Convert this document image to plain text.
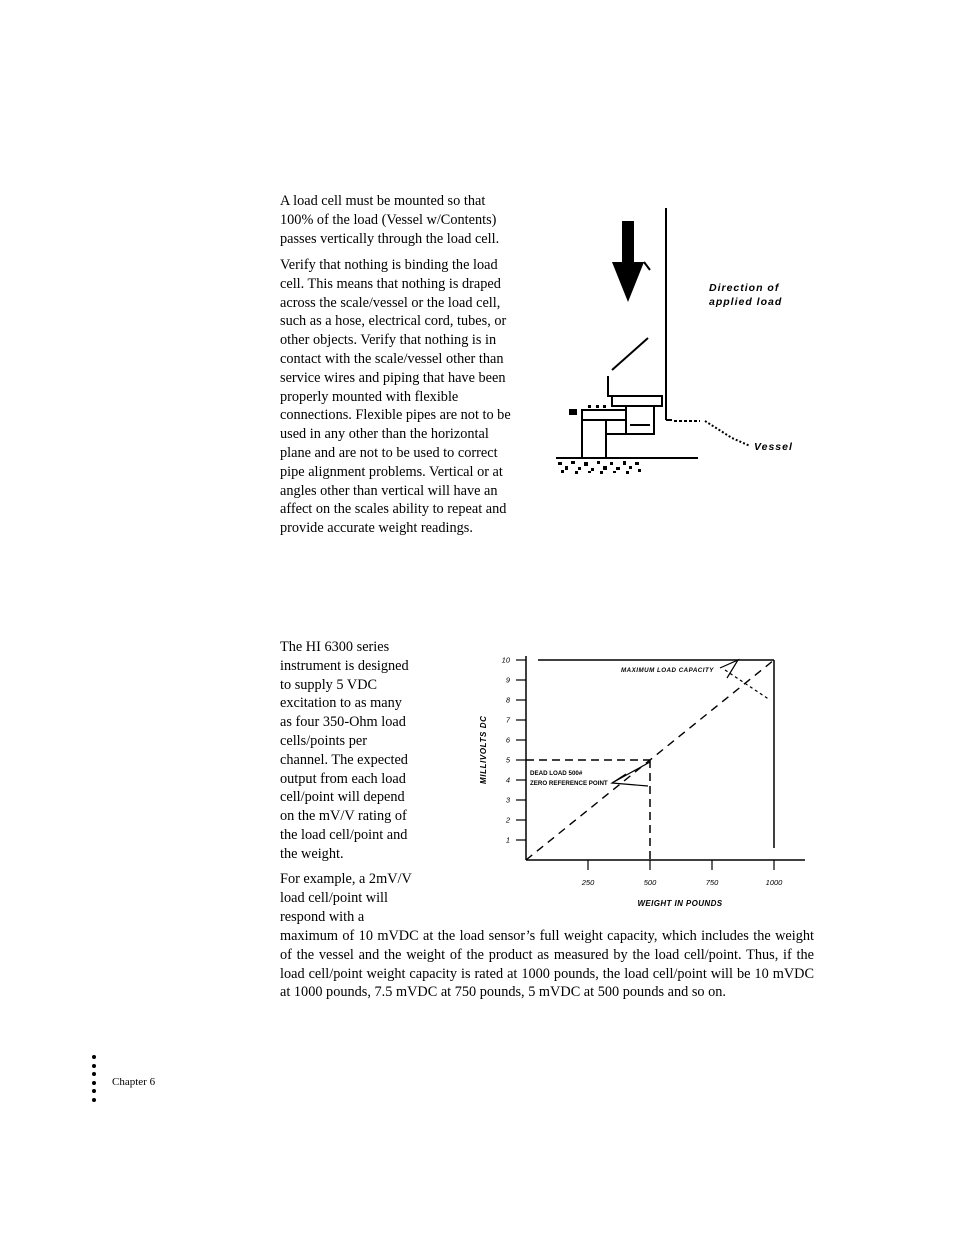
A load cell must be mounted so that 100% of the load (Vessel w/Contents) passes vertically through the load cell.

Verify that nothing is binding the load cell. This means that nothing is draped across the scale/vessel or the load cell, such as a hose, electrical cord, tubes, or other objects. Verify that nothing is in contact with the scale/vessel other than service wires and piping that have been properly mounted with flexible connections. Flexible pipes are not to be used in any other than the horizontal plane and are not to be used to correct pipe alignment problems. Vertical or at angles other than vertical will have an affect on the scales ability to repeat and provide accurate weight readings.

Direction of
applied load
Vessel

The HI 6300 series instrument is designed to supply 5 VDC excitation to as many as four 350-Ohm load cells/points per channel. The expected output from each load cell/point will depend on the mV/V rating of the load cell/point and the weight.

For example, a 2mV/V load cell/point will respond with a

maximum of 10 mVDC at the load sensor’s full weight capacity, which includes the weight of the vessel and the weight of the product as measured by the load cell/point. Thus, if the load cell/point weight capacity is rated at 1000 pounds, the load cell/point will be 10 mVDC at 1000 pounds, 7.5 mVDC at 750 pounds, 5 mVDC at 500 pounds and so on.

1
2
3
4
5
6
7
8
9
10
250	500	750	1000
MAXIMUM LOAD CAPACITY
DEAD LOAD 500#
ZERO REFERENCE POINT
MILLIVOLTS DC
WEIGHT IN POUNDS
Chapter 6
